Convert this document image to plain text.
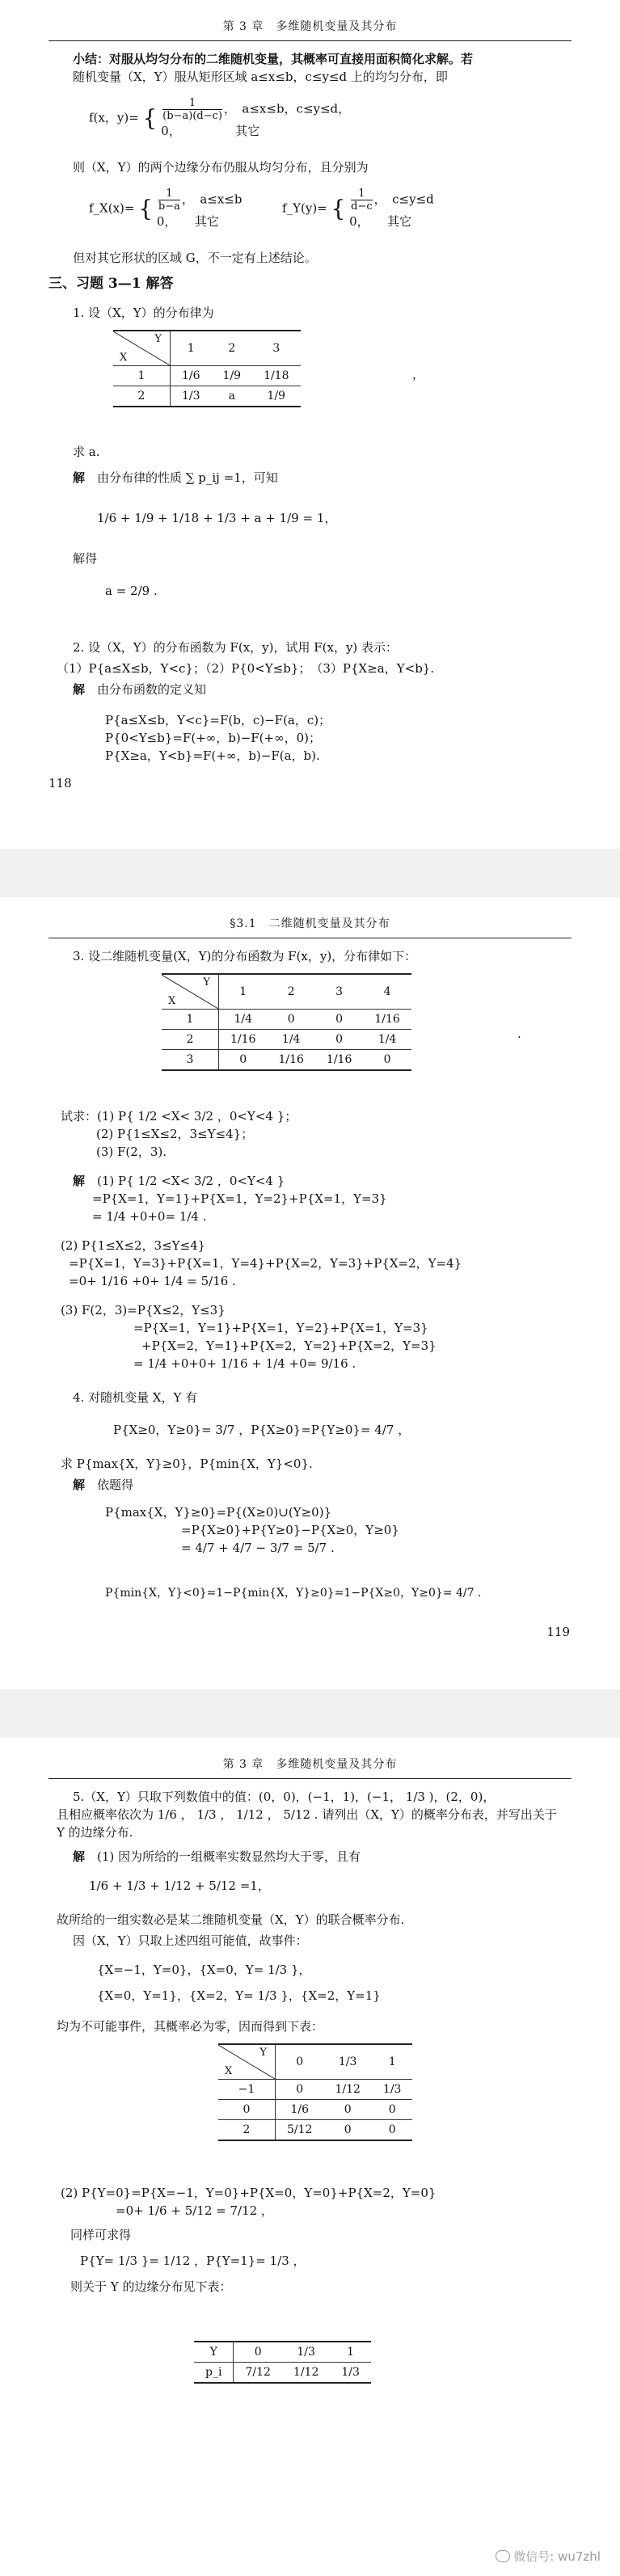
第 3 章　多维随机变量及其分布
小结：对服从均匀分布的二维随机变量，其概率可直接用面积简化求解。若
随机变量（X，Y）服从矩形区域 a≤x≤b，c≤y≤d 上的均匀分布，即
f(x，y)= { $\frac{1}{(b-a)(d-c)}$ ，　a≤x≤b，c≤y≤d，
0，　　　　　其它
则（X，Y）的两个边缘分布仍服从均匀分布，且分别为
f_X(x)= { $\frac{1}{b-a}$ ，　a≤x≤b
0，　　其它
f_Y(y)= { $\frac{1}{d-c}$ ，　c≤y≤d
0，　　其它
但对其它形状的区域 G，不一定有上述结论。
三、习题 3—1 解答
1. 设（X，Y）的分布律为
Y
X	1	2	3
1	1/6	1/9	1/18
2	1/3	a	1/9
，
求 a.
解　 由分布律的性质 ∑ p_ij =1，可知
1/6 + 1/9 + 1/18 + 1/3 + a + 1/9 = 1，
解得
a = 2/9 .
2. 设（X，Y）的分布函数为 F(x，y)，试用 F(x，y) 表示：
（1）P{a≤X≤b，Y<c}；（2）P{0<Y≤b}；　（3）P{X≥a，Y<b}.
解　 由分布函数的定义知
P{a≤X≤b，Y<c}=F(b，c)−F(a，c)；
P{0<Y≤b}=F(+∞，b)−F(+∞，0)；
P{X≥a，Y<b}=F(+∞，b)−F(a，b).
118
§3.1　二维随机变量及其分布
3. 设二维随机变量(X，Y)的分布函数为 F(x，y)，分布律如下：
Y
X	1	2	3	4
1	1/4	0	0	1/16
2	1/16	1/4	0	1/4
3	0	1/16	1/16	0
.
试求：(1) P{ 1/2 <X< 3/2 ，0<Y<4 }；
(2) P{1≤X≤2，3≤Y≤4}；
(3) F(2，3).
解　 (1) P{ 1/2 <X< 3/2 ，0<Y<4 }
=P{X=1，Y=1}+P{X=1，Y=2}+P{X=1，Y=3}
= 1/4 +0+0= 1/4 .
(2) P{1≤X≤2，3≤Y≤4}
=P{X=1，Y=3}+P{X=1，Y=4}+P{X=2，Y=3}+P{X=2，Y=4}
=0+ 1/16 +0+ 1/4 = 5/16 .
(3) F(2，3)=P{X≤2，Y≤3}
=P{X=1，Y=1}+P{X=1，Y=2}+P{X=1，Y=3}
+P{X=2，Y=1}+P{X=2，Y=2}+P{X=2，Y=3}
= 1/4 +0+0+ 1/16 + 1/4 +0= 9/16 .
4. 对随机变量 X，Y 有
P{X≥0，Y≥0}= 3/7 ，P{X≥0}=P{Y≥0}= 4/7 ，
求 P{max{X，Y}≥0}，P{min{X，Y}<0}.
解　 依题得
P{max{X，Y}≥0}=P{(X≥0)∪(Y≥0)}
=P{X≥0}+P{Y≥0}−P{X≥0，Y≥0}
= 4/7 + 4/7 − 3/7 = 5/7 .
P{min{X，Y}<0}=1−P{min{X，Y}≥0}=1−P{X≥0，Y≥0}= 4/7 .
119
第 3 章　多维随机变量及其分布
5.（X，Y）只取下列数值中的值：(0，0)，(−1，1)，(−1， 1/3 )，(2，0)，
且相应概率依次为 1/6 ， 1/3 ， 1/12 ， 5/12 . 请列出（X，Y）的概率分布表，并写出关于
Y 的边缘分布.
解　 (1) 因为所给的一组概率实数显然均大于零，且有
1/6 + 1/3 + 1/12 + 5/12 =1，
故所给的一组实数必是某二维随机变量（X，Y）的联合概率分布.
因（X，Y）只取上述四组可能值，故事件：
{X=−1，Y=0}，{X=0，Y= 1/3 }，
{X=0，Y=1}，{X=2，Y= 1/3 }，{X=2，Y=1}
均为不可能事件，其概率必为零，因而得到下表：
Y
X	0	1/3	1
−1	0	1/12	1/3
0	1/6	0	0
2	5/12	0	0
(2) P{Y=0}=P{X=−1，Y=0}+P{X=0，Y=0}+P{X=2，Y=0}
=0+ 1/6 + 5/12 = 7/12 ，
同样可求得
P{Y= 1/3 }= 1/12 ，P{Y=1}= 1/3 ，
则关于 Y 的边缘分布见下表：
Y	0	1/3	1
p_i	7/12	1/12	1/3
微信号: wu7zhl
